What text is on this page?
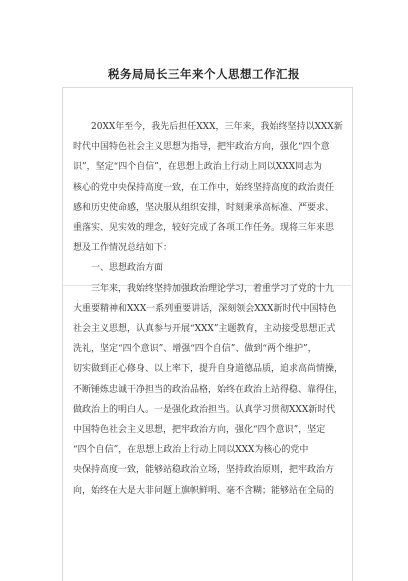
税务局局长三年来个人思想工作汇报
20XX年至今，我先后担任XXX，三年来，我始终坚持以XXX新
时代中国特色社会主义思想为指导，把牢政治方向，强化“四个意
识”，坚定“四个自信”，在思想上政治上行动上同以XXX同志为
核心的党中央保持高度一致，在工作中，始终坚持高度的政治责任
感和历史使命感，坚决服从组织安排，时刻秉承高标准、严要求、
重落实、见实效的理念，较好完成了各项工作任务。现将三年来思
想及工作情况总结如下：
一、思想政治方面
三年来，我始终坚持加强政治理论学习，着重学习了党的十九
大重要精神和XXX一系列重要讲话，深刻领会XXX新时代中国特色
社会主义思想，认真参与开展“XXX”主题教育，主动接受思想正式
洗礼，坚定“四个意识”、增强“四个自信”、做到“两个维护”，
切实做到正心修身、以上率下，提升自身道德品质，追求高尚情操，
不断锤炼忠诚干净担当的政治品格，始终在政治上站得稳、靠得住，
做政治上的明白人。一是强化政治担当。认真学习贯彻XXX新时代
中国特色社会主义思想，把牢政治方向，强化“四个意识”，坚定
“四个自信”，在思想上政治上行动上同以XXX为核心的党中
央保持高度一致，能够站稳政治立场，坚持政治原则，把牢政治方
向，始终在大是大非问题上旗帜鲜明、毫不含糊；能够站在全局的
